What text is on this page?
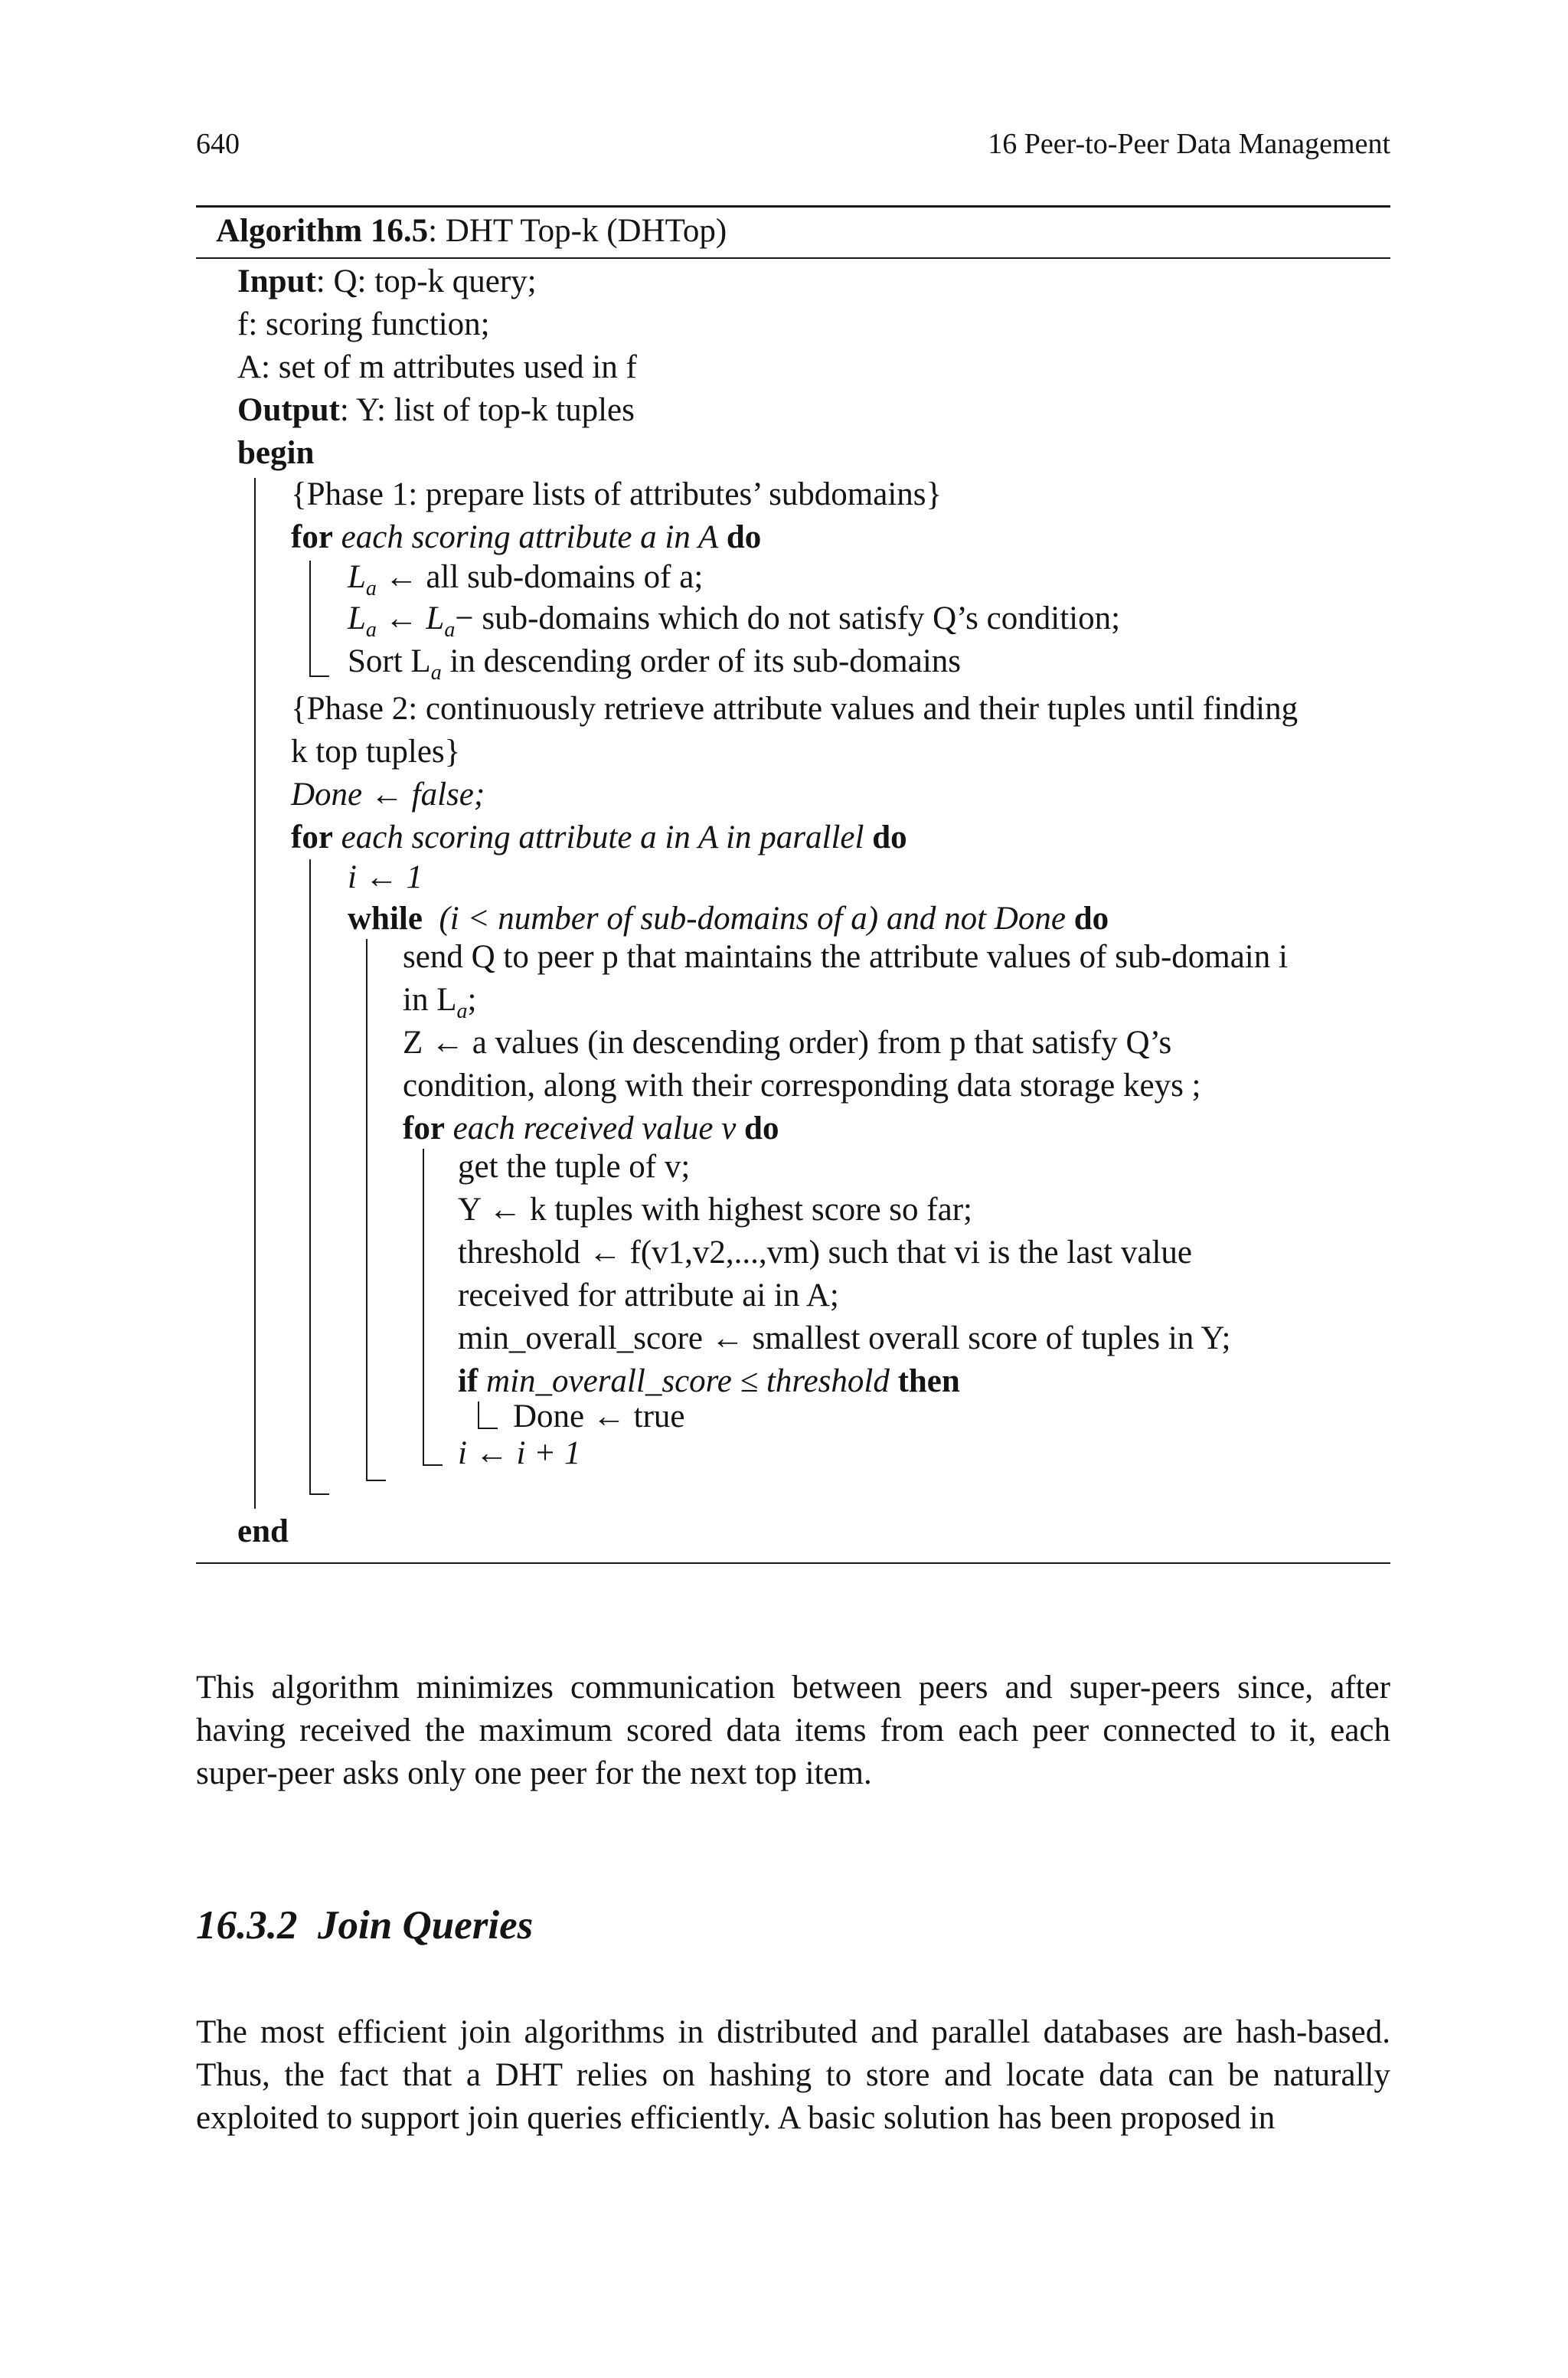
640	16 Peer-to-Peer Data Management
Algorithm 16.5: DHT Top-k (DHTop)
Input: Q: top-k query;
f: scoring function;
A: set of m attributes used in f
Output: Y: list of top-k tuples
begin
{Phase 1: prepare lists of attributes’ subdomains}
for each scoring attribute a in A do
$L_a$ ← all sub-domains of a;
$L_a$ ← $L_a-$ sub-domains which do not satisfy Q’s condition;
Sort $L_a$ in descending order of its sub-domains
{Phase 2: continuously retrieve attribute values and their tuples until finding
k top tuples}
Done ← false;
for each scoring attribute a in A in parallel do
i ← 1
while (i < number of sub-domains of a) and not Done do
send Q to peer p that maintains the attribute values of sub-domain i
in $L_a$;
Z ← a values (in descending order) from p that satisfy Q’s
condition, along with their corresponding data storage keys ;
for each received value v do
get the tuple of v;
Y ← k tuples with highest score so far;
threshold ← f(v1,v2,...,vm) such that vi is the last value
received for attribute ai in A;
min_overall_score ← smallest overall score of tuples in Y;
if min_overall_score ≤ threshold then
Done ← true
i ← i + 1
end
This algorithm minimizes communication between peers and super-peers since, after having received the maximum scored data items from each peer connected to it, each super-peer asks only one peer for the next top item.
16.3.2 Join Queries
The most efficient join algorithms in distributed and parallel databases are hash-based. Thus, the fact that a DHT relies on hashing to store and locate data can be naturally exploited to support join queries efficiently. A basic solution has been proposed in
